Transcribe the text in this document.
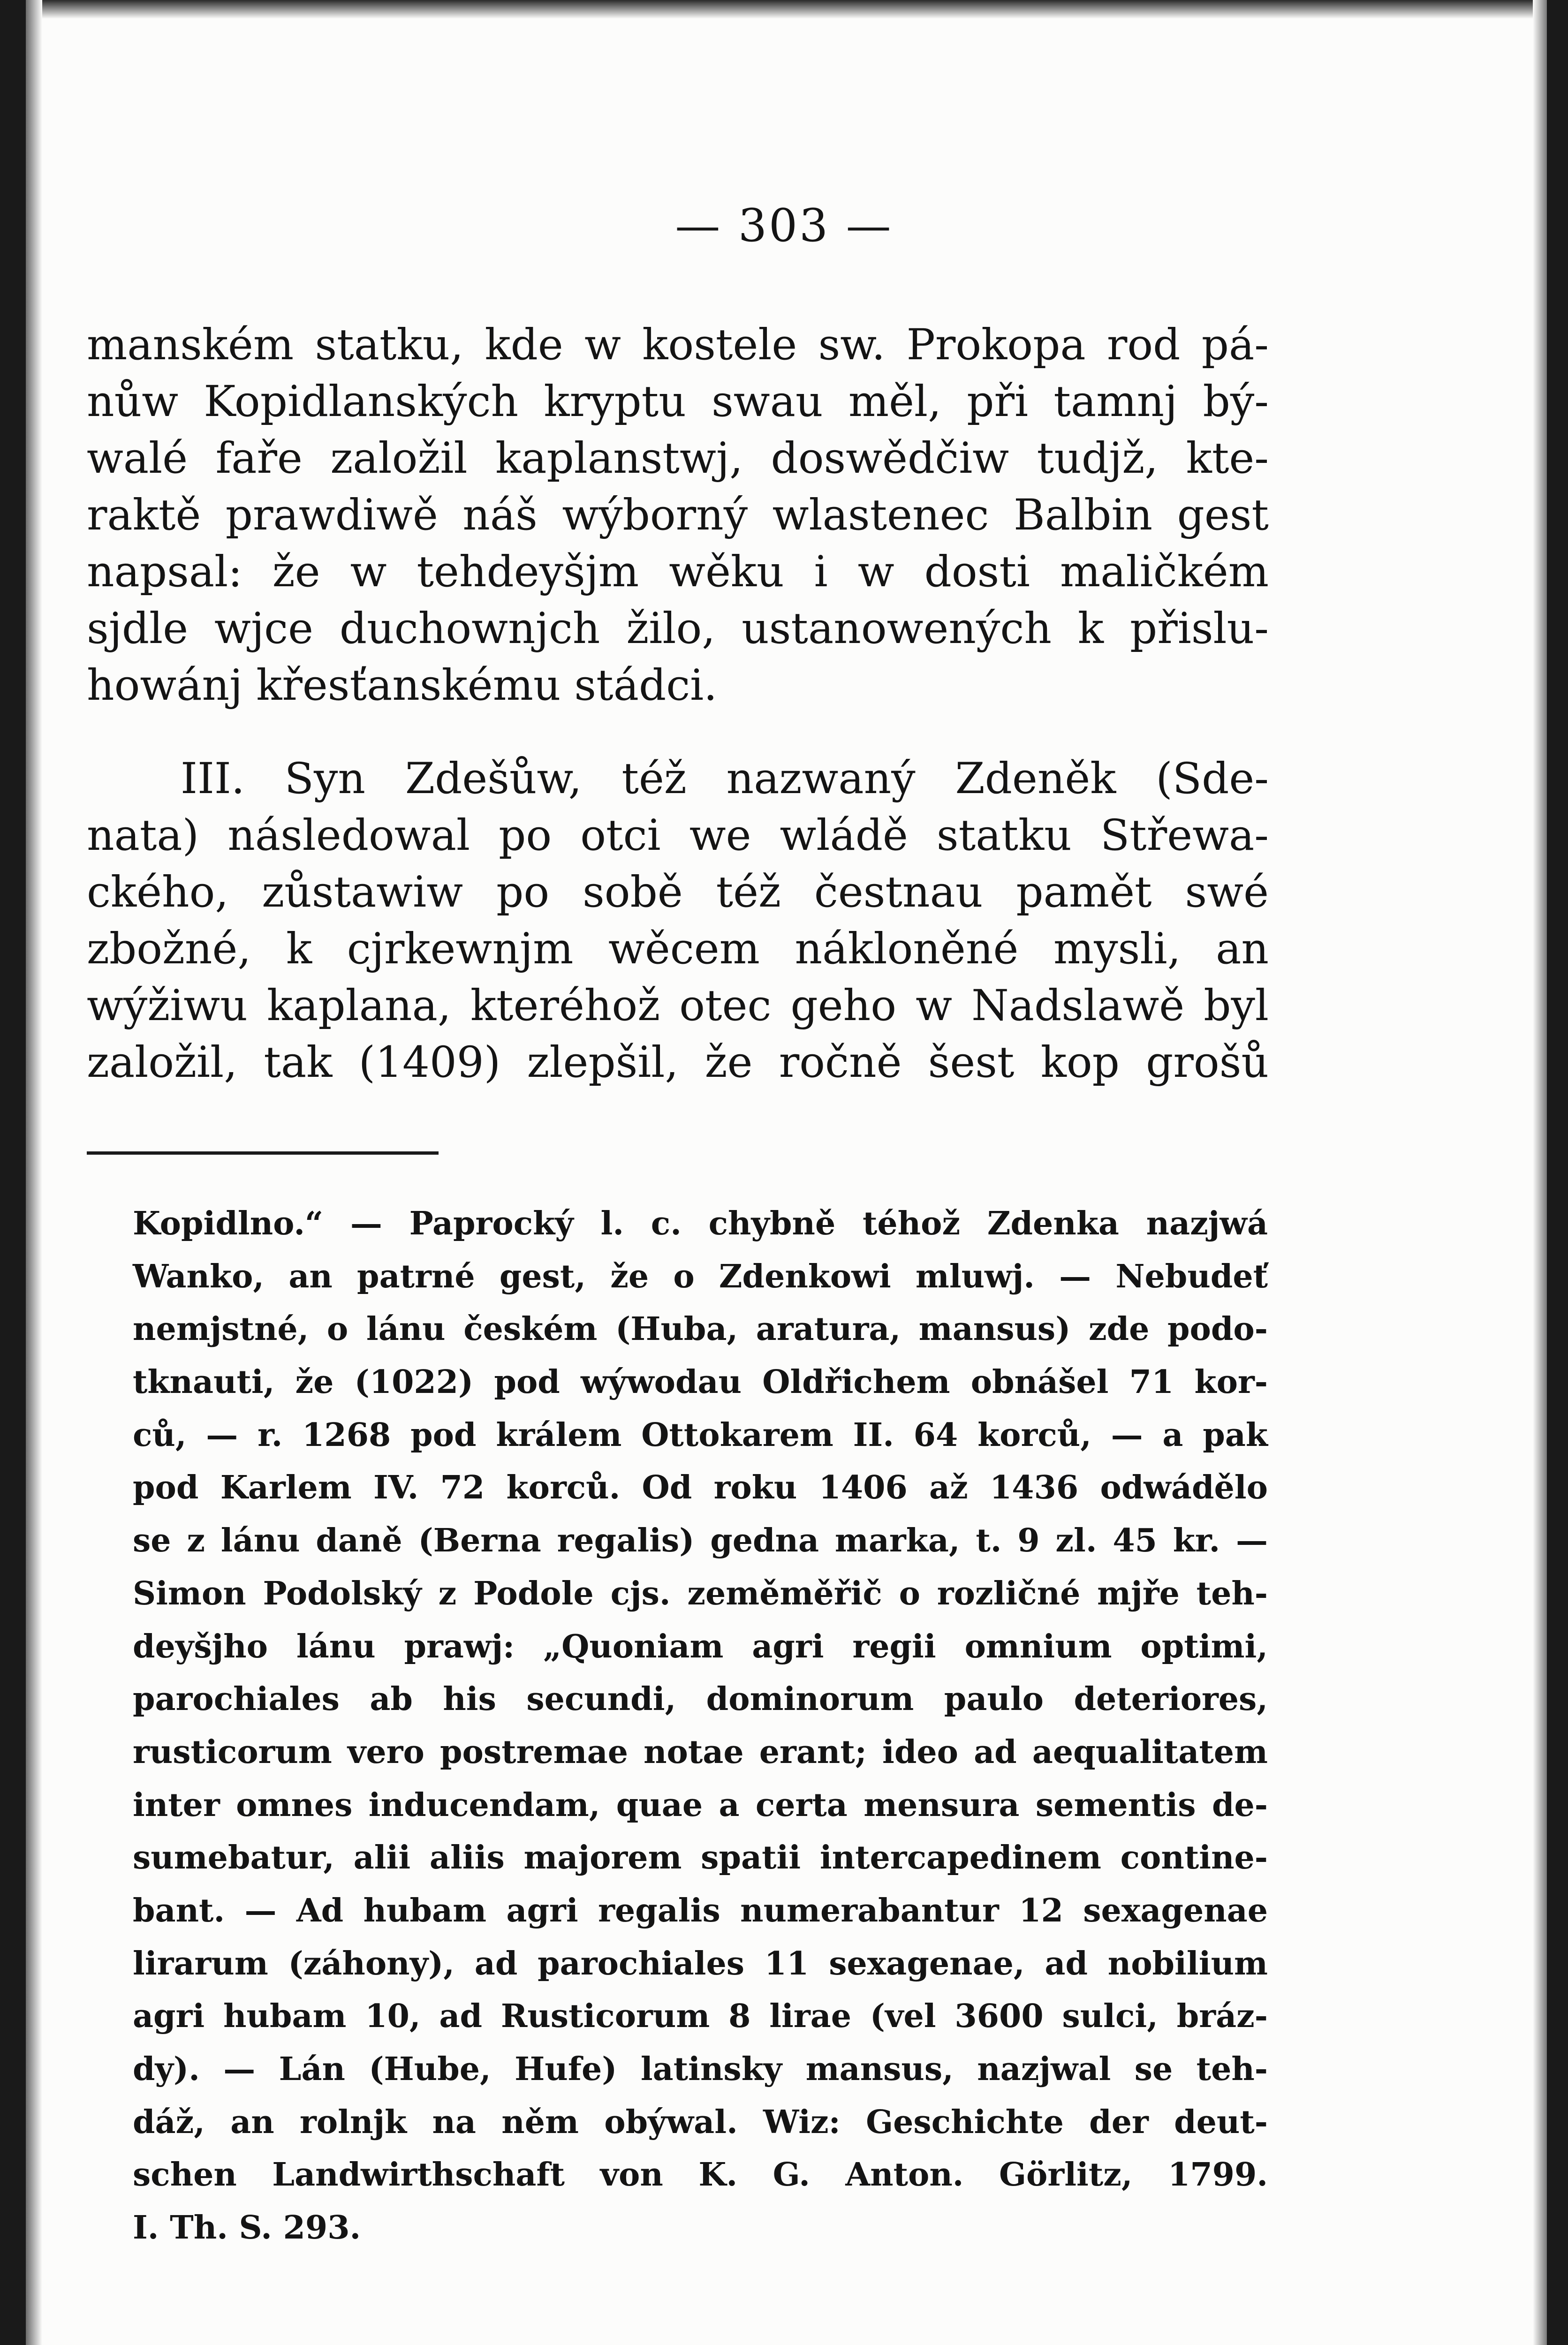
— 303 —
manském statku, kde w kostele sw. Prokopa rod pá-
nůw Kopidlanských kryptu swau měl, při tamnj bý-
walé faře založil kaplanstwj, doswědčiw tudjž, kte-
raktě prawdiwě náš wýborný wlastenec Balbin gest
napsal: že w tehdeyšjm wěku i w dosti maličkém
sjdle wjce duchownjch žilo, ustanowených k přislu-
howánj křesťanskému stádci.
III. Syn Zdešůw, též nazwaný Zdeněk (Sde-
nata) následowal po otci we wládě statku Střewa-
ckého, zůstawiw po sobě též čestnau pamět swé
zbožné, k cjrkewnjm wěcem nákloněné mysli, an
wýžiwu kaplana, kteréhož otec geho w Nadslawě byl
založil, tak (1409) zlepšil, že ročně šest kop grošů
Kopidlno.“ — Paprocký l. c. chybně téhož Zdenka nazjwá
Wanko, an patrné gest, že o Zdenkowi mluwj. — Nebudeť
nemjstné, o lánu českém (Huba, aratura, mansus) zde podo-
tknauti, že (1022) pod wýwodau Oldřichem obnášel 71 kor-
ců, — r. 1268 pod králem Ottokarem II. 64 korců, — a pak
pod Karlem IV. 72 korců. Od roku 1406 až 1436 odwádělo
se z lánu daně (Berna regalis) gedna marka, t. 9 zl. 45 kr. —
Simon Podolský z Podole cjs. zeměměřič o rozličné mjře teh-
deyšjho lánu prawj: „Quoniam agri regii omnium optimi,
parochiales ab his secundi, dominorum paulo deteriores,
rusticorum vero postremae notae erant; ideo ad aequalitatem
inter omnes inducendam, quae a certa mensura sementis de-
sumebatur, alii aliis majorem spatii intercapedinem contine-
bant. — Ad hubam agri regalis numerabantur 12 sexagenae
lirarum (záhony), ad parochiales 11 sexagenae, ad nobilium
agri hubam 10, ad Rusticorum 8 lirae (vel 3600 sulci, bráz-
dy). — Lán (Hube, Hufe) latinsky mansus, nazjwal se teh-
dáž, an rolnjk na něm obýwal. Wiz: Geschichte der deut-
schen Landwirthschaft von K. G. Anton. Görlitz, 1799.
I. Th. S. 293.
